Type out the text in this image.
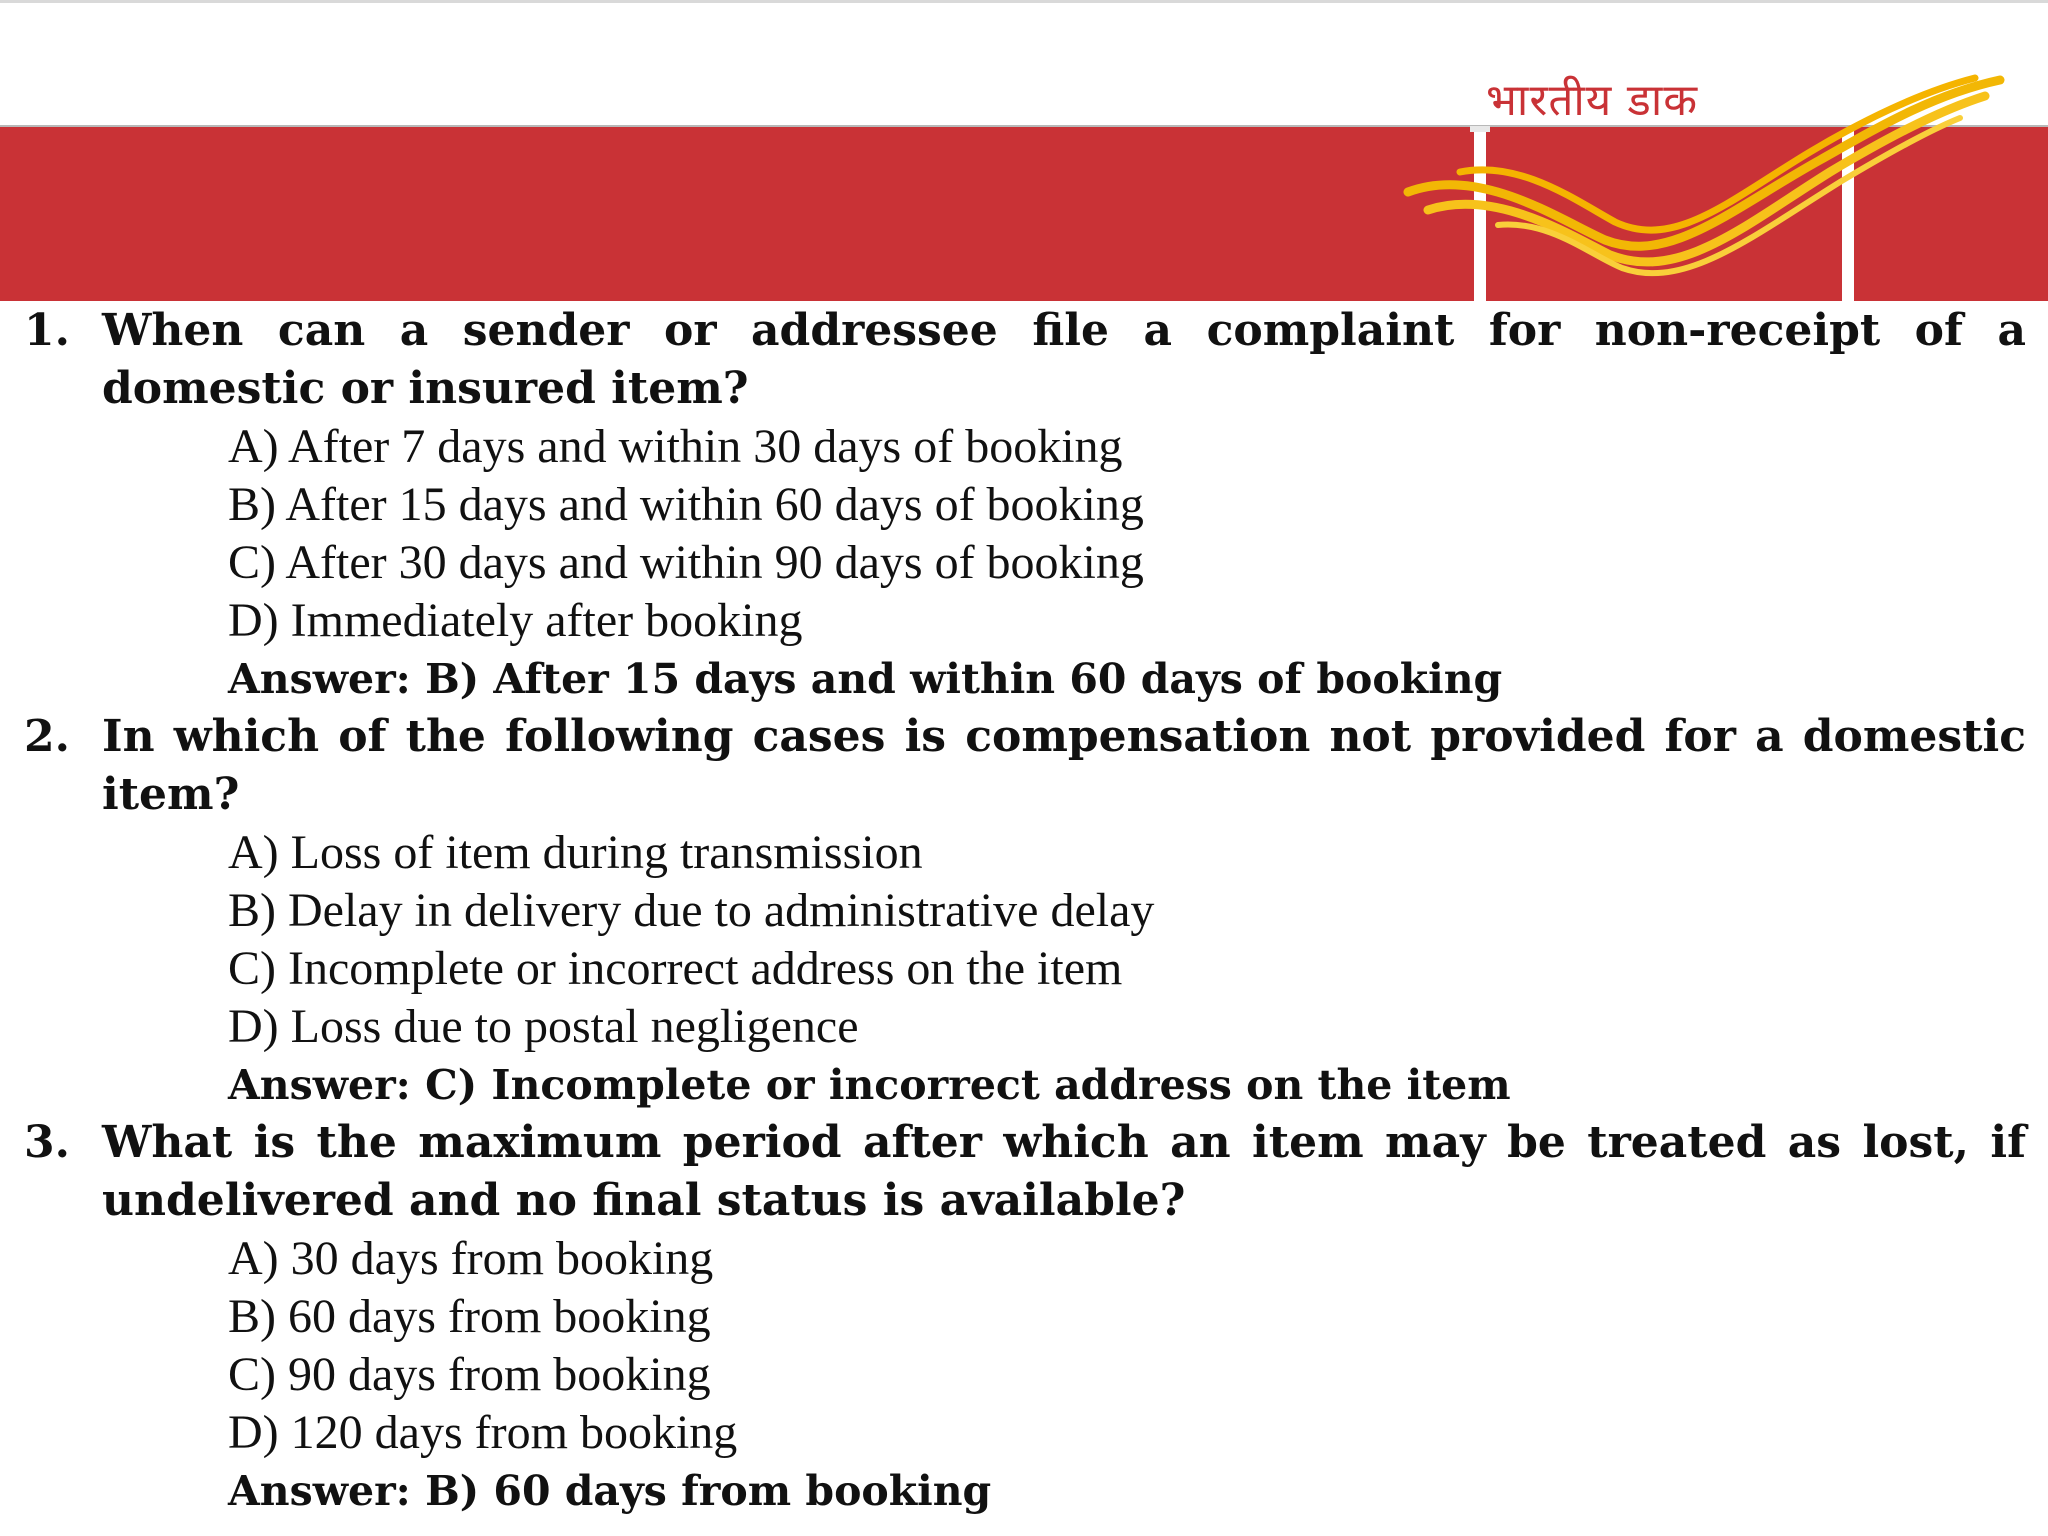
भारतीय डाक
1. When can a sender or addressee file a complaint for non-receipt of a domestic or insured item?
A) After 7 days and within 30 days of booking
B) After 15 days and within 60 days of booking
C) After 30 days and within 90 days of booking
D) Immediately after booking
Answer: B) After 15 days and within 60 days of booking
2. In which of the following cases is compensation not provided for a domestic item?
A) Loss of item during transmission
B) Delay in delivery due to administrative delay
C) Incomplete or incorrect address on the item
D) Loss due to postal negligence
Answer: C) Incomplete or incorrect address on the item
3. What is the maximum period after which an item may be treated as lost, if undelivered and no final status is available?
A) 30 days from booking
B) 60 days from booking
C) 90 days from booking
D) 120 days from booking
Answer: B) 60 days from booking
